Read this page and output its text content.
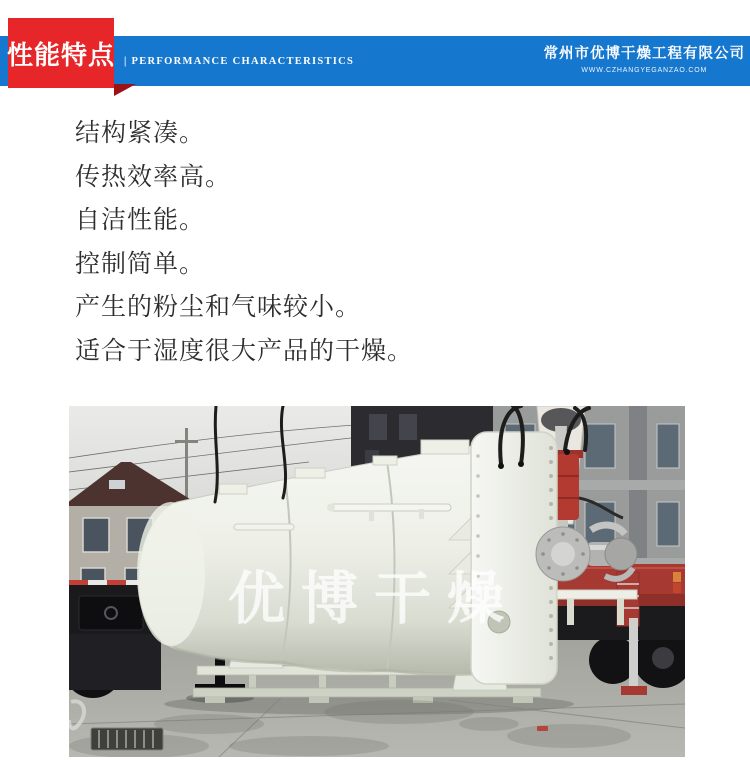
| PERFORMANCE CHARACTERISTICS	常州市优博干燥工程有限公司
WWW.CZHANGYEGANZAO.COM
性能特点
结构紧凑。
传热效率高。
自洁性能。
控制简单。
产生的粉尘和气味较小。
适合于湿度很大产品的干燥。
优博干燥
